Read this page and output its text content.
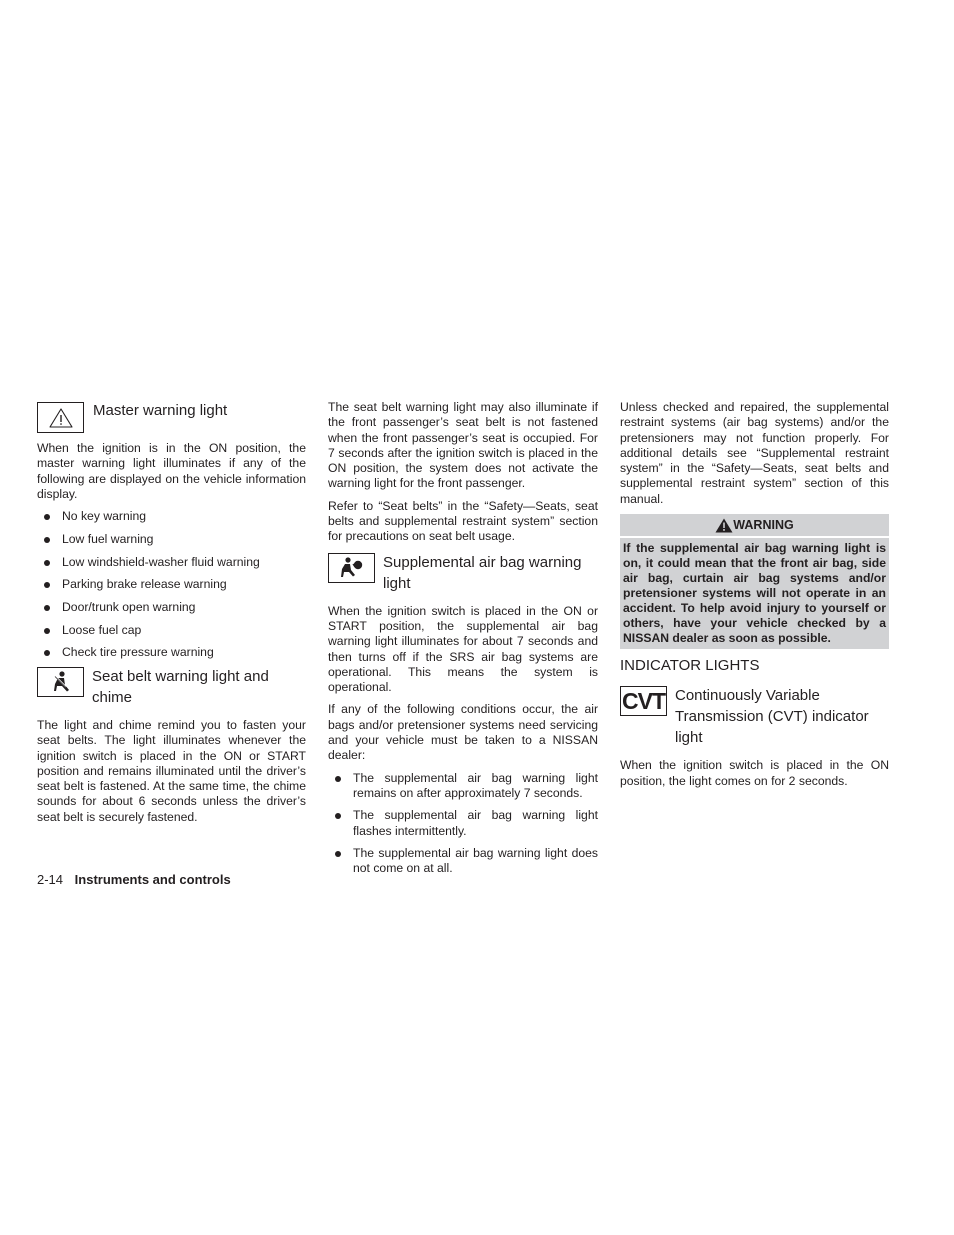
Master warning light

When the ignition is in the ON position, the master warning light illuminates if any of the following are displayed on the vehicle information display.

No key warning
Low fuel warning
Low windshield-washer fluid warning
Parking brake release warning
Door/trunk open warning
Loose fuel cap
Check tire pressure warning
Seat belt warning light and chime

The light and chime remind you to fasten your seat belts. The light illuminates whenever the ignition switch is placed in the ON or START position and remains illuminated until the driver’s seat belt is fastened. At the same time, the chime sounds for about 6 seconds unless the driver’s seat belt is securely fastened.

The seat belt warning light may also illuminate if the front passenger’s seat belt is not fastened when the front passenger’s seat is occupied. For 7 seconds after the ignition switch is placed in the ON position, the system does not activate the warning light for the front passenger.

Refer to “Seat belts” in the “Safety—Seats, seat belts and supplemental restraint system” section for precautions on seat belt usage.

Supplemental air bag warning light

When the ignition switch is placed in the ON or START position, the supplemental air bag warning light illuminates for about 7 seconds and then turns off if the SRS air bag systems are operational. This means the system is operational.

If any of the following conditions occur, the air bags and/or pretensioner systems need servicing and your vehicle must be taken to a NISSAN dealer:

The supplemental air bag warning light remains on after approximately 7 seconds.
The supplemental air bag warning light flashes intermittently.
The supplemental air bag warning light does not come on at all.

Unless checked and repaired, the supplemental restraint systems (air bag systems) and/or the pretensioners may not function properly. For additional details see “Supplemental restraint system” in the “Safety—Seats, seat belts and supplemental restraint system” section of this manual.

WARNING
If the supplemental air bag warning light is on, it could mean that the front air bag, side air bag, curtain air bag systems and/or pretensioner systems will not operate in an accident. To help avoid injury to yourself or others, have your vehicle checked by a NISSAN dealer as soon as possible.
INDICATOR LIGHTS
CVT Continuously Variable Transmission (CVT) indicator light

When the ignition switch is placed in the ON position, the light comes on for 2 seconds.

2-14 Instruments and controls
